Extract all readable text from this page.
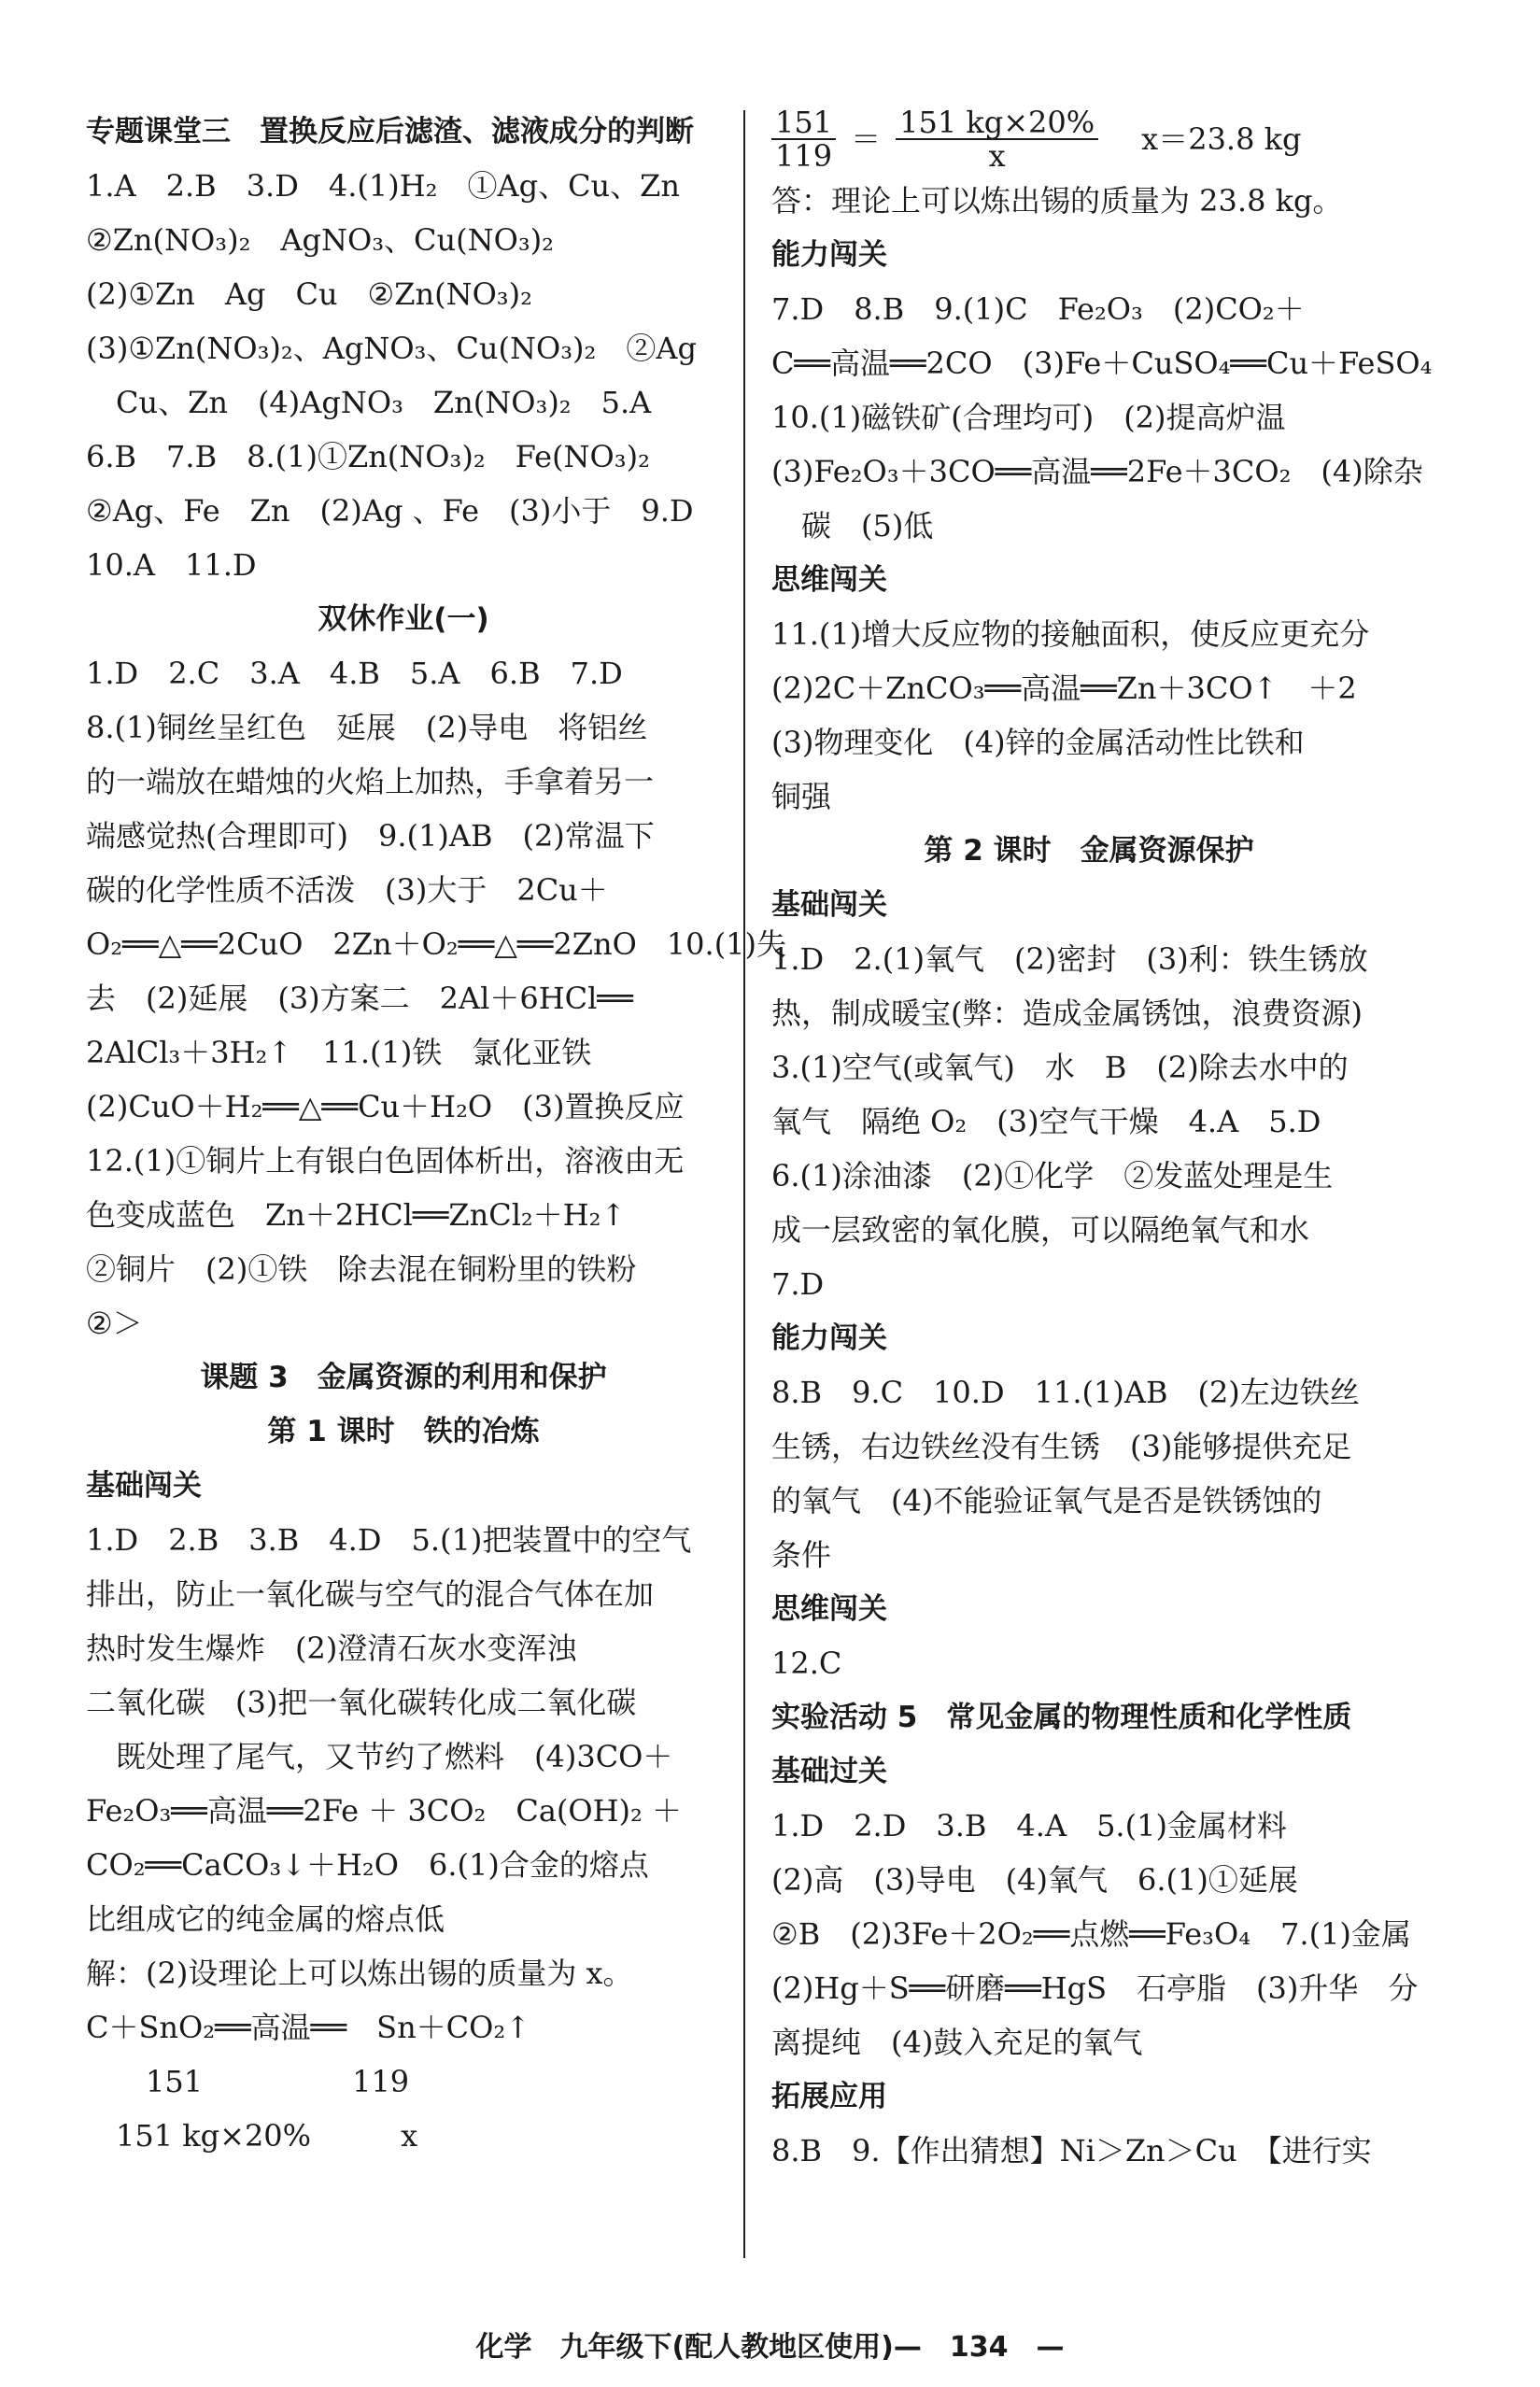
专题课堂三　置换反应后滤渣、滤液成分的判断
1.A　2.B　3.D　4.(1)H₂　①Ag、Cu、Zn
②Zn(NO₃)₂　AgNO₃、Cu(NO₃)₂
(2)①Zn　Ag　Cu　②Zn(NO₃)₂
(3)①Zn(NO₃)₂、AgNO₃、Cu(NO₃)₂　②Ag
　Cu、Zn　(4)AgNO₃　Zn(NO₃)₂　5.A
6.B　7.B　8.(1)①Zn(NO₃)₂　Fe(NO₃)₂
②Ag、Fe　Zn　(2)Ag 、Fe　(3)小于　9.D
10.A　11.D
双休作业(一)
1.D　2.C　3.A　4.B　5.A　6.B　7.D
8.(1)铜丝呈红色　延展　(2)导电　将铝丝
的一端放在蜡烛的火焰上加热，手拿着另一
端感觉热(合理即可)　9.(1)AB　(2)常温下
碳的化学性质不活泼　(3)大于　2Cu＋
O₂══△══2CuO　2Zn＋O₂══△══2ZnO　10.(1)失
去　(2)延展　(3)方案二　2Al＋6HCl══
2AlCl₃＋3H₂↑　11.(1)铁　氯化亚铁
(2)CuO＋H₂══△══Cu＋H₂O　(3)置换反应
12.(1)①铜片上有银白色固体析出，溶液由无
色变成蓝色　Zn＋2HCl══ZnCl₂＋H₂↑
②铜片　(2)①铁　除去混在铜粉里的铁粉
②＞
课题 3　金属资源的利用和保护
第 1 课时　铁的冶炼
基础闯关
1.D　2.B　3.B　4.D　5.(1)把装置中的空气
排出，防止一氧化碳与空气的混合气体在加
热时发生爆炸　(2)澄清石灰水变浑浊
二氧化碳　(3)把一氧化碳转化成二氧化碳
　既处理了尾气，又节约了燃料　(4)3CO＋
Fe₂O₃══高温══2Fe ＋ 3CO₂　Ca(OH)₂ ＋
CO₂══CaCO₃↓＋H₂O　6.(1)合金的熔点
比组成它的纯金属的熔点低
解：(2)设理论上可以炼出锡的质量为 x。
C＋SnO₂══高温══　Sn＋CO₂↑
　　151　　　　　119
　151 kg×20%　　　x
$\frac{151}{119} = \frac{151 kg\times 20\%}{x} x=23.8$ kg
答：理论上可以炼出锡的质量为 23.8 kg。
能力闯关
7.D　8.B　9.(1)C　Fe₂O₃　(2)CO₂＋
C══高温══2CO　(3)Fe＋CuSO₄══Cu＋FeSO₄
10.(1)磁铁矿(合理均可)　(2)提高炉温
(3)Fe₂O₃＋3CO══高温══2Fe＋3CO₂　(4)除杂
　碳　(5)低
思维闯关
11.(1)增大反应物的接触面积，使反应更充分
(2)2C＋ZnCO₃══高温══Zn＋3CO↑　＋2
(3)物理变化　(4)锌的金属活动性比铁和
铜强
第 2 课时　金属资源保护
基础闯关
1.D　2.(1)氧气　(2)密封　(3)利：铁生锈放
热，制成暖宝(弊：造成金属锈蚀，浪费资源)
3.(1)空气(或氧气)　水　B　(2)除去水中的
氧气　隔绝 O₂　(3)空气干燥　4.A　5.D
6.(1)涂油漆　(2)①化学　②发蓝处理是生
成一层致密的氧化膜，可以隔绝氧气和水
7.D
能力闯关
8.B　9.C　10.D　11.(1)AB　(2)左边铁丝
生锈，右边铁丝没有生锈　(3)能够提供充足
的氧气　(4)不能验证氧气是否是铁锈蚀的
条件
思维闯关
12.C
实验活动 5　常见金属的物理性质和化学性质
基础过关
1.D　2.D　3.B　4.A　5.(1)金属材料
(2)高　(3)导电　(4)氧气　6.(1)①延展
②B　(2)3Fe＋2O₂══点燃══Fe₃O₄　7.(1)金属
(2)Hg＋S══研磨══HgS　石亭脂　(3)升华　分
离提纯　(4)鼓入充足的氧气
拓展应用
8.B　9.【作出猜想】Ni＞Zn＞Cu　【进行实
化学　九年级下(配人教地区使用)—　134　—
